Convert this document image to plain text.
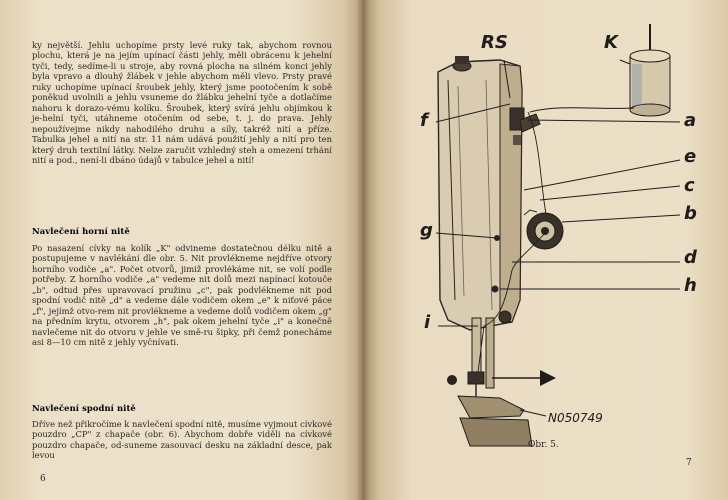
ky největší. Jehlu uchopíme prsty levé ruky tak, abychom rovnou plochu, která je na jejím upínací části jehly, měli obrácenu k jehelní tyči, tedy, sedíme-li u stroje, aby rovná plocha na silném konci jehly byla vpravo a dlouhý žlábek v jehle abychom měli vlevo. Prsty pravé ruky uchopíme upínací šroubek jehly, který jsme pootočením k sobě poněkud uvolnili a jehlu vsuneme do žlábku jehelní tyče a dotlačíme nahoru k dorazo-vému kolíku. Šroubek, který svírá jehlu objímkou k je-helní tyči, utáhneme otočením od sebe, t. j. do prava. Jehly nepoužívejme nikdy nahodilého druhu a síly, takréž nití a příze. Tabulka jehel a nití na str. 11 nám udává použití jehly a nití pro ten který druh textilní látky. Nelze zaručit vzhledný steh a omezení trhání nití a pod., není-li dbáno údajů v tabulce jehel a nití!

Navlečení horní nitě

Po nasazení cívky na kolík „K" odvineme dostatečnou délku nitě a postupujeme v navlékání dle obr. 5. Nit provlékneme nejdříve otvory horního vodiče „a". Počet otvorů, jimiž provlékáme nit, se volí podle potřeby. Z horního vodiče „a" vedeme nit dolů mezi napínací kotouče „b", odtud přes upravovací pružinu „c", pak podvlékneme nit pod spodní vodič nitě „d" a vedeme dále vodičem okem „e" k niťové páce „f", jejímž otvo-rem nit provlékneme a vedeme dolů vodičem okem „g" na předním krytu, otvorem „h", pak okem jehelní tyče „i" a konečně navlečeme nit do otvoru v jehle ve smě-ru šipky, při čemž ponecháme asi 8—10 cm nitě z jehly vyčnívati.

Navlečení spodní nitě

Dříve než přikročíme k navlečení spodní nitě, musíme vyjmout cívkové pouzdro „CP" z chapače (obr. 6). Abychom dobře viděli na cívkové pouzdro chapače, od-suneme zasouvací desku na základní desce, pak levou

6
7
RS	K
f	a
e
c
b
g
d
h
i
N050749
Obr. 5.
